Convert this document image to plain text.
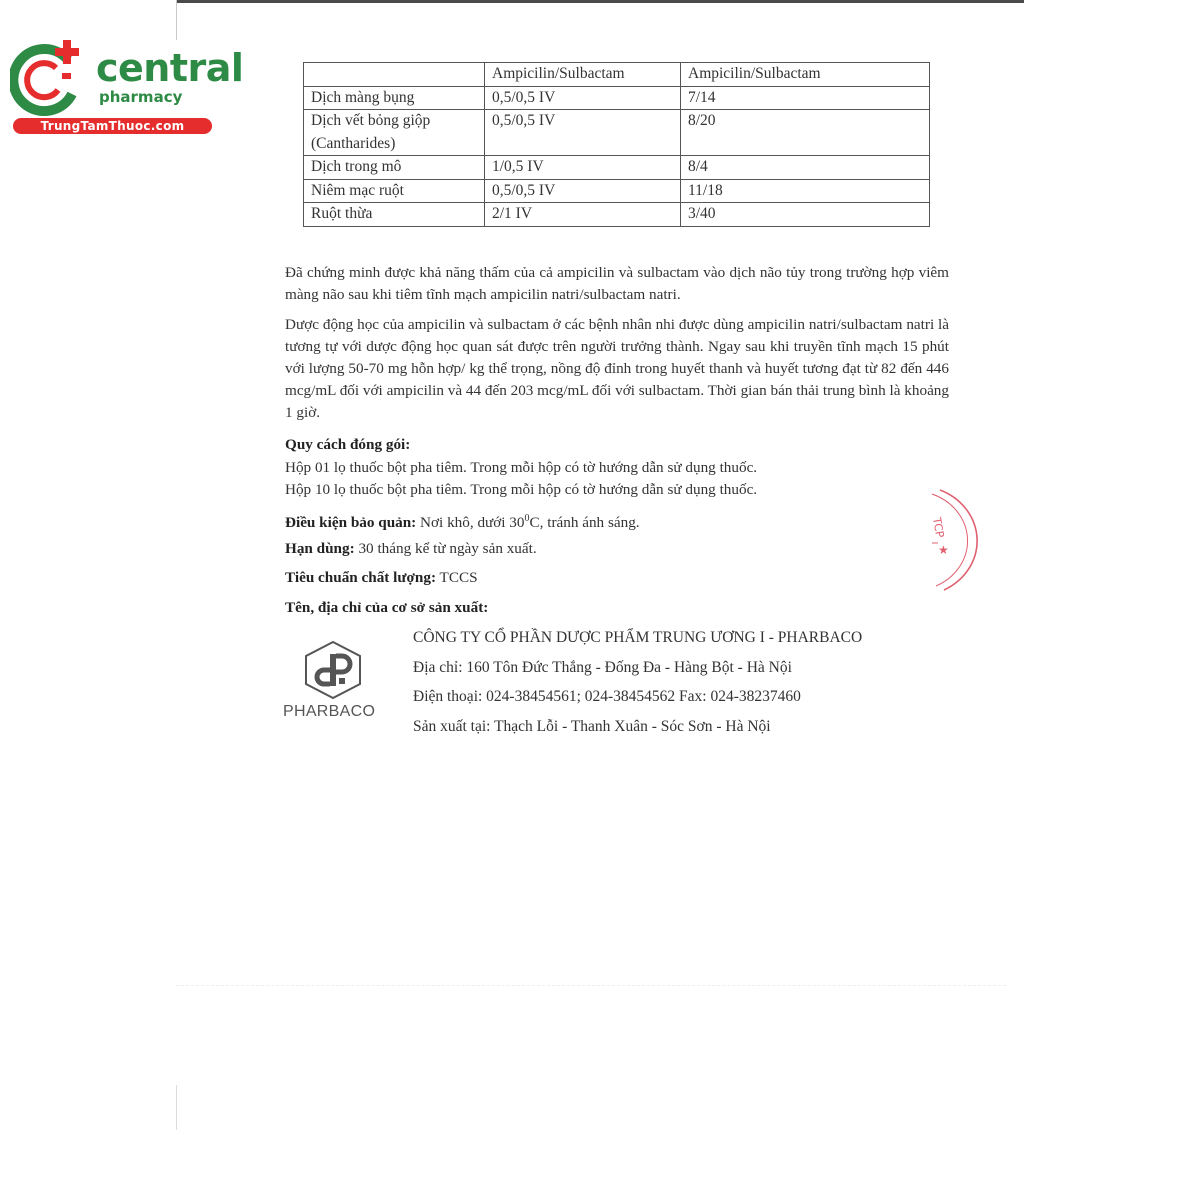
central
pharmacy
TrungTamThuoc.com
	Ampicilin/Sulbactam	Ampicilin/Sulbactam
Dịch màng bụng	0,5/0,5 IV	7/14

Dịch vết bỏng giộp
(Cantharides)	0,5/0,5 IV	8/20
Dịch trong mô	1/0,5 IV	8/4
Niêm mạc ruột	0,5/0,5 IV	11/18
Ruột thừa	2/1 IV	3/40
Đã chứng minh được khả năng thấm của cả ampicilin và sulbactam vào dịch não tủy trong trường hợp viêm màng não sau khi tiêm tĩnh mạch ampicilin natri/sulbactam natri.
Dược động học của ampicilin và sulbactam ở các bệnh nhân nhi được dùng ampicilin natri/sulbactam natri là tương tự với dược động học quan sát được trên người trưởng thành. Ngay sau khi truyền tĩnh mạch 15 phút với lượng 50-70 mg hỗn hợp/ kg thể trọng, nồng độ đỉnh trong huyết thanh và huyết tương đạt từ 82 đến 446 mcg/mL đối với ampicilin và 44 đến 203 mcg/mL đối với sulbactam. Thời gian bán thải trung bình là khoảng 1 giờ.
Quy cách đóng gói:
Hộp 01 lọ thuốc bột pha tiêm. Trong mỗi hộp có tờ hướng dẫn sử dụng thuốc.
Hộp 10 lọ thuốc bột pha tiêm. Trong mỗi hộp có tờ hướng dẫn sử dụng thuốc.
Điều kiện bảo quản: Nơi khô, dưới $30^0C$, tránh ánh sáng.
Hạn dùng: 30 tháng kể từ ngày sản xuất.
Tiêu chuẩn chất lượng: TCCS
Tên, địa chỉ của cơ sở sản xuất:
PHARBACO
CÔNG TY CỔ PHẦN DƯỢC PHẨM TRUNG ƯƠNG I - PHARBACO
Địa chỉ: 160 Tôn Đức Thắng - Đống Đa - Hàng Bột - Hà Nội
Điện thoại: 024-38454561; 024-38454562 Fax: 024-38237460
Sản xuất tại: Thạch Lỗi - Thanh Xuân - Sóc Sơn - Hà Nội
TCP
★
